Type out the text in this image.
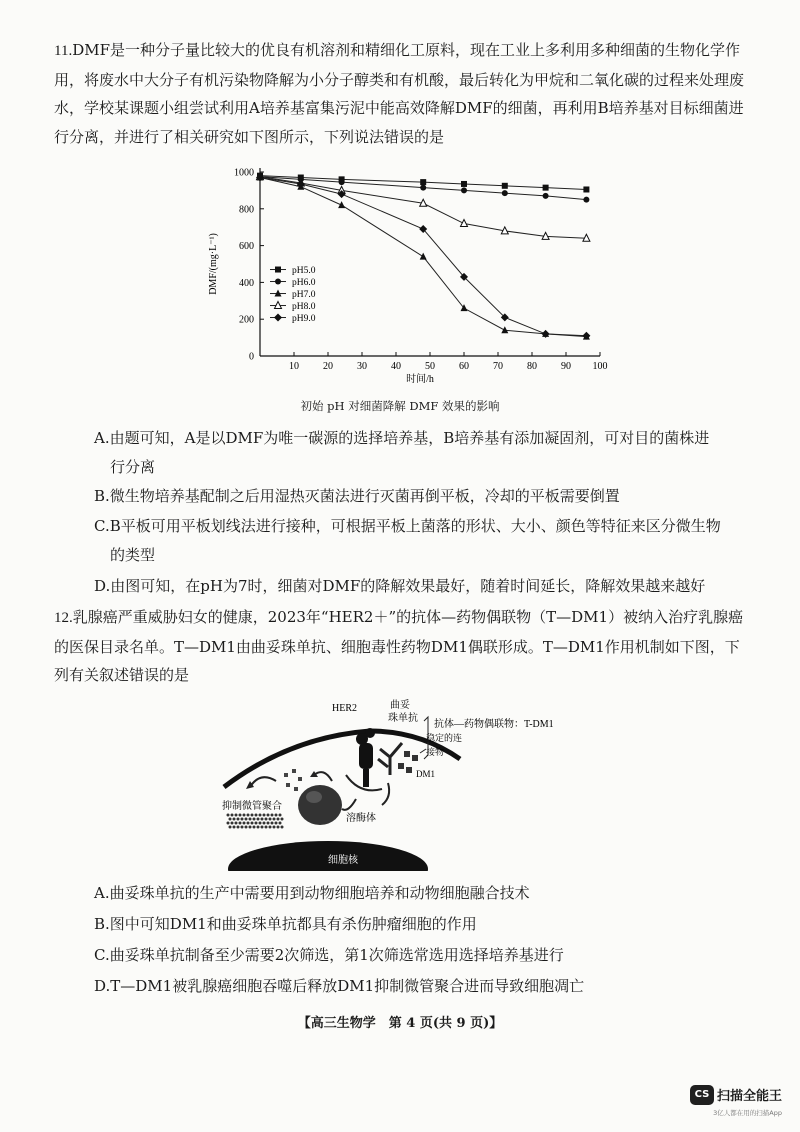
11.DMF是一种分子量比较大的优良有机溶剂和精细化工原料，现在工业上多利用多种细菌的生物化学作用，将废水中大分子有机污染物降解为小分子醇类和有机酸，最后转化为甲烷和二氧化碳的过程来处理废水，学校某课题小组尝试利用A培养基富集污泥中能高效降解DMF的细菌，再利用B培养基对目标细菌进行分离，并进行了相关研究如下图所示，下列说法错误的是
10 20 30 40 50 60 70 80 90 100
0
200
400
600
800
1000
时间/h
DMF/(mg·L⁻¹)	pH5.0
pH6.0
pH7.0
pH8.0
pH9.0
初始 pH 对细菌降解 DMF 效果的影响
A.由题可知，A是以DMF为唯一碳源的选择培养基，B培养基有添加凝固剂，可对目的菌株进
行分离
B.微生物培养基配制之后用湿热灭菌法进行灭菌再倒平板，冷却的平板需要倒置
C.B平板可用平板划线法进行接种，可根据平板上菌落的形状、大小、颜色等特征来区分微生物
的类型
D.由图可知，在pH为7时，细菌对DMF的降解效果最好，随着时间延长，降解效果越来越好
12.乳腺癌严重威胁妇女的健康，2023年“HER2＋”的抗体—药物偶联物（T—DM1）被纳入治疗乳腺癌的医保目录名单。T—DM1由曲妥珠单抗、细胞毒性药物DM1偶联形成。T—DM1作用机制如下图，下列有关叙述错误的是
HER2	曲妥
珠单抗
抗体—药物偶联物：T-DM1
稳定的连
接物
DM1
抑制微管聚合
溶酶体
细胞核
A.曲妥珠单抗的生产中需要用到动物细胞培养和动物细胞融合技术
B.图中可知DM1和曲妥珠单抗都具有杀伤肿瘤细胞的作用
C.曲妥珠单抗制备至少需要2次筛选，第1次筛选常选用选择培养基进行
D.T—DM1被乳腺癌细胞吞噬后释放DM1抑制微管聚合进而导致细胞凋亡
【高三生物学　第 4 页(共 9 页)】
CS 扫描全能王
3亿人都在用的扫描App
